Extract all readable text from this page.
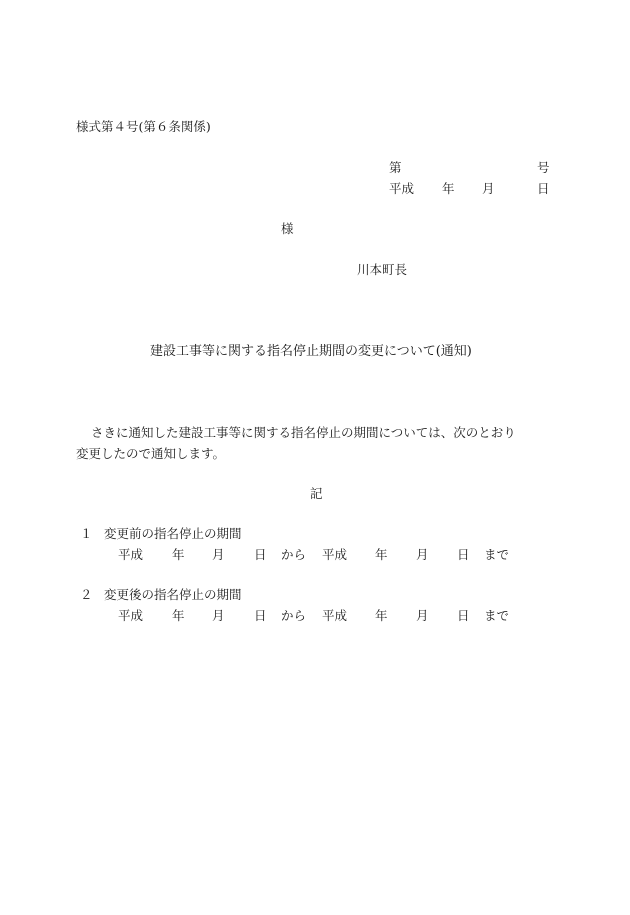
様式第４号(第６条関係)
第	号
平成 年 月	日
様
川本町長
建設工事等に関する指名停止期間の変更について(通知)
さきに通知した建設工事等に関する指名停止の期間については、次のとおり
変更したので通知します。
記
１ 変更前の指名停止の期間
平成 年 月 日 から 平成 年 月 日 まで
２ 変更後の指名停止の期間
平成 年 月 日 から 平成 年 月 日 まで
